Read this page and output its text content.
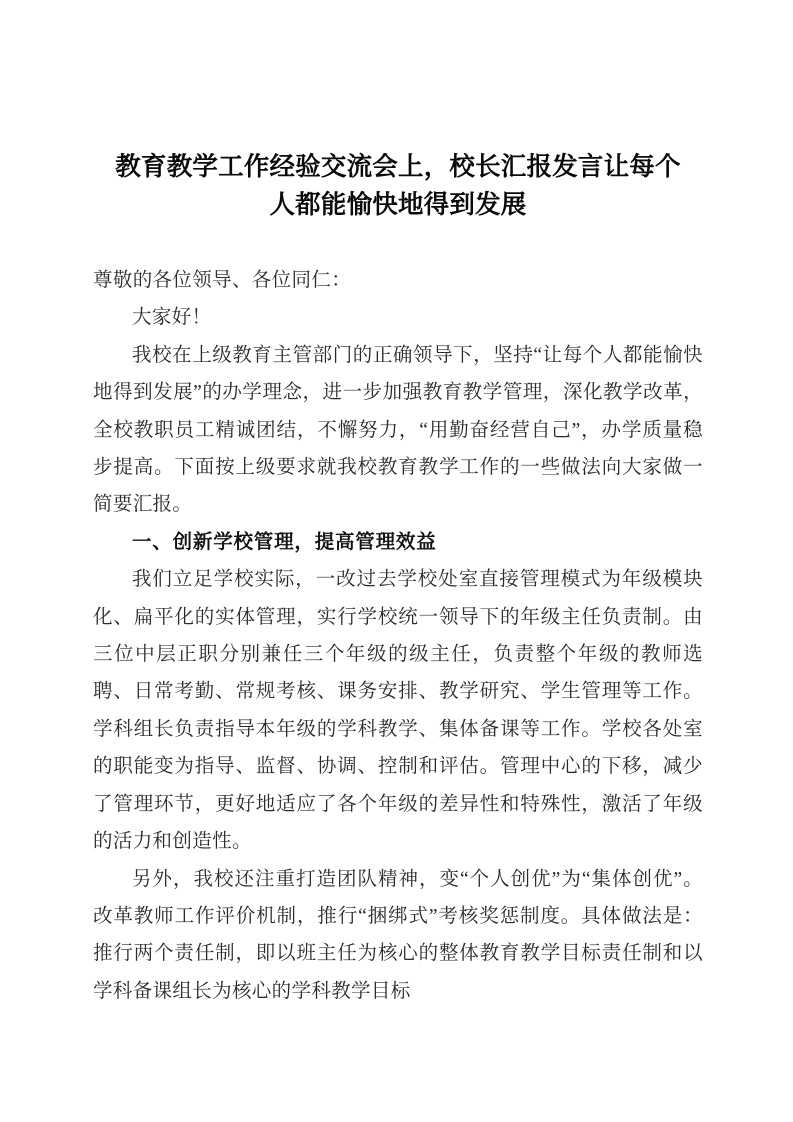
教育教学工作经验交流会上，校长汇报发言让每个
人都能愉快地得到发展

尊敬的各位领导、各位同仁：

大家好！

我校在上级教育主管部门的正确领导下，坚持“让每个人都能愉快地得到发展”的办学理念，进一步加强教育教学管理，深化教学改革，全校教职员工精诚团结，不懈努力，“用勤奋经营自己”，办学质量稳步提高。下面按上级要求就我校教育教学工作的一些做法向大家做一简要汇报。

一、创新学校管理，提高管理效益

我们立足学校实际，一改过去学校处室直接管理模式为年级模块化、扁平化的实体管理，实行学校统一领导下的年级主任负责制。由三位中层正职分别兼任三个年级的级主任，负责整个年级的教师选聘、日常考勤、常规考核、课务安排、教学研究、学生管理等工作。学科组长负责指导本年级的学科教学、集体备课等工作。学校各处室的职能变为指导、监督、协调、控制和评估。管理中心的下移，减少了管理环节，更好地适应了各个年级的差异性和特殊性，激活了年级的活力和创造性。

另外，我校还注重打造团队精神，变“个人创优”为“集体创优”。改革教师工作评价机制，推行“捆绑式”考核奖惩制度。具体做法是：推行两个责任制，即以班主任为核心的整体教育教学目标责任制和以学科备课组长为核心的学科教学目标
